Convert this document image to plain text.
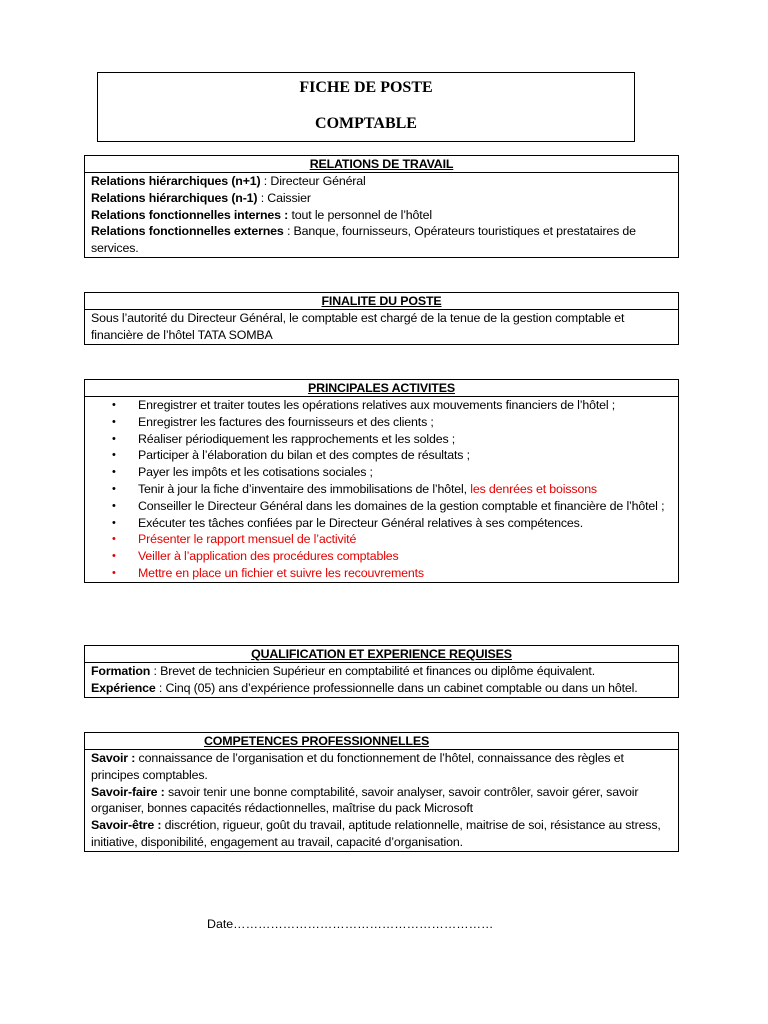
FICHE DE POSTE
COMPTABLE
RELATIONS DE TRAVAIL
Relations hiérarchiques (n+1) : Directeur Général
Relations hiérarchiques (n-1) : Caissier
Relations fonctionnelles internes : tout le personnel de l’hôtel
Relations fonctionnelles externes : Banque, fournisseurs, Opérateurs touristiques et prestataires de services.
FINALITE DU POSTE
Sous l’autorité du Directeur Général, le comptable est chargé de la tenue de la gestion comptable et financière de l’hôtel TATA SOMBA
PRINCIPALES ACTIVITES
• Enregistrer et traiter toutes les opérations relatives aux mouvements financiers de l’hôtel ;
• Enregistrer les factures des fournisseurs et des clients ;
• Réaliser périodiquement les rapprochements et les soldes ;
• Participer à l’élaboration du bilan et des comptes de résultats ;
• Payer les impôts et les cotisations sociales ;
• Tenir à jour la fiche d’inventaire des immobilisations de l’hôtel, les denrées et boissons
• Conseiller le Directeur Général dans les domaines de la gestion comptable et financière de l’hôtel ;
• Exécuter tes tâches confiées par le Directeur Général relatives à ses compétences.
• Présenter le rapport mensuel de l’activité
• Veiller à l’application des procédures comptables
• Mettre en place un fichier et suivre les recouvrements
QUALIFICATION ET EXPERIENCE REQUISES
Formation : Brevet de technicien Supérieur en comptabilité et finances ou diplôme équivalent.
Expérience : Cinq (05) ans d’expérience professionnelle dans un cabinet comptable ou dans un hôtel.
COMPETENCES PROFESSIONNELLES
Savoir : connaissance de l’organisation et du fonctionnement de l’hôtel, connaissance des règles et principes comptables.
Savoir-faire : savoir tenir une bonne comptabilité, savoir analyser, savoir contrôler, savoir gérer, savoir organiser, bonnes capacités rédactionnelles, maîtrise du pack Microsoft
Savoir-être : discrétion, rigueur, goût du travail, aptitude relationnelle, maitrise de soi, résistance au stress, initiative, disponibilité, engagement au travail, capacité d’organisation.
Date………………………………………………………
